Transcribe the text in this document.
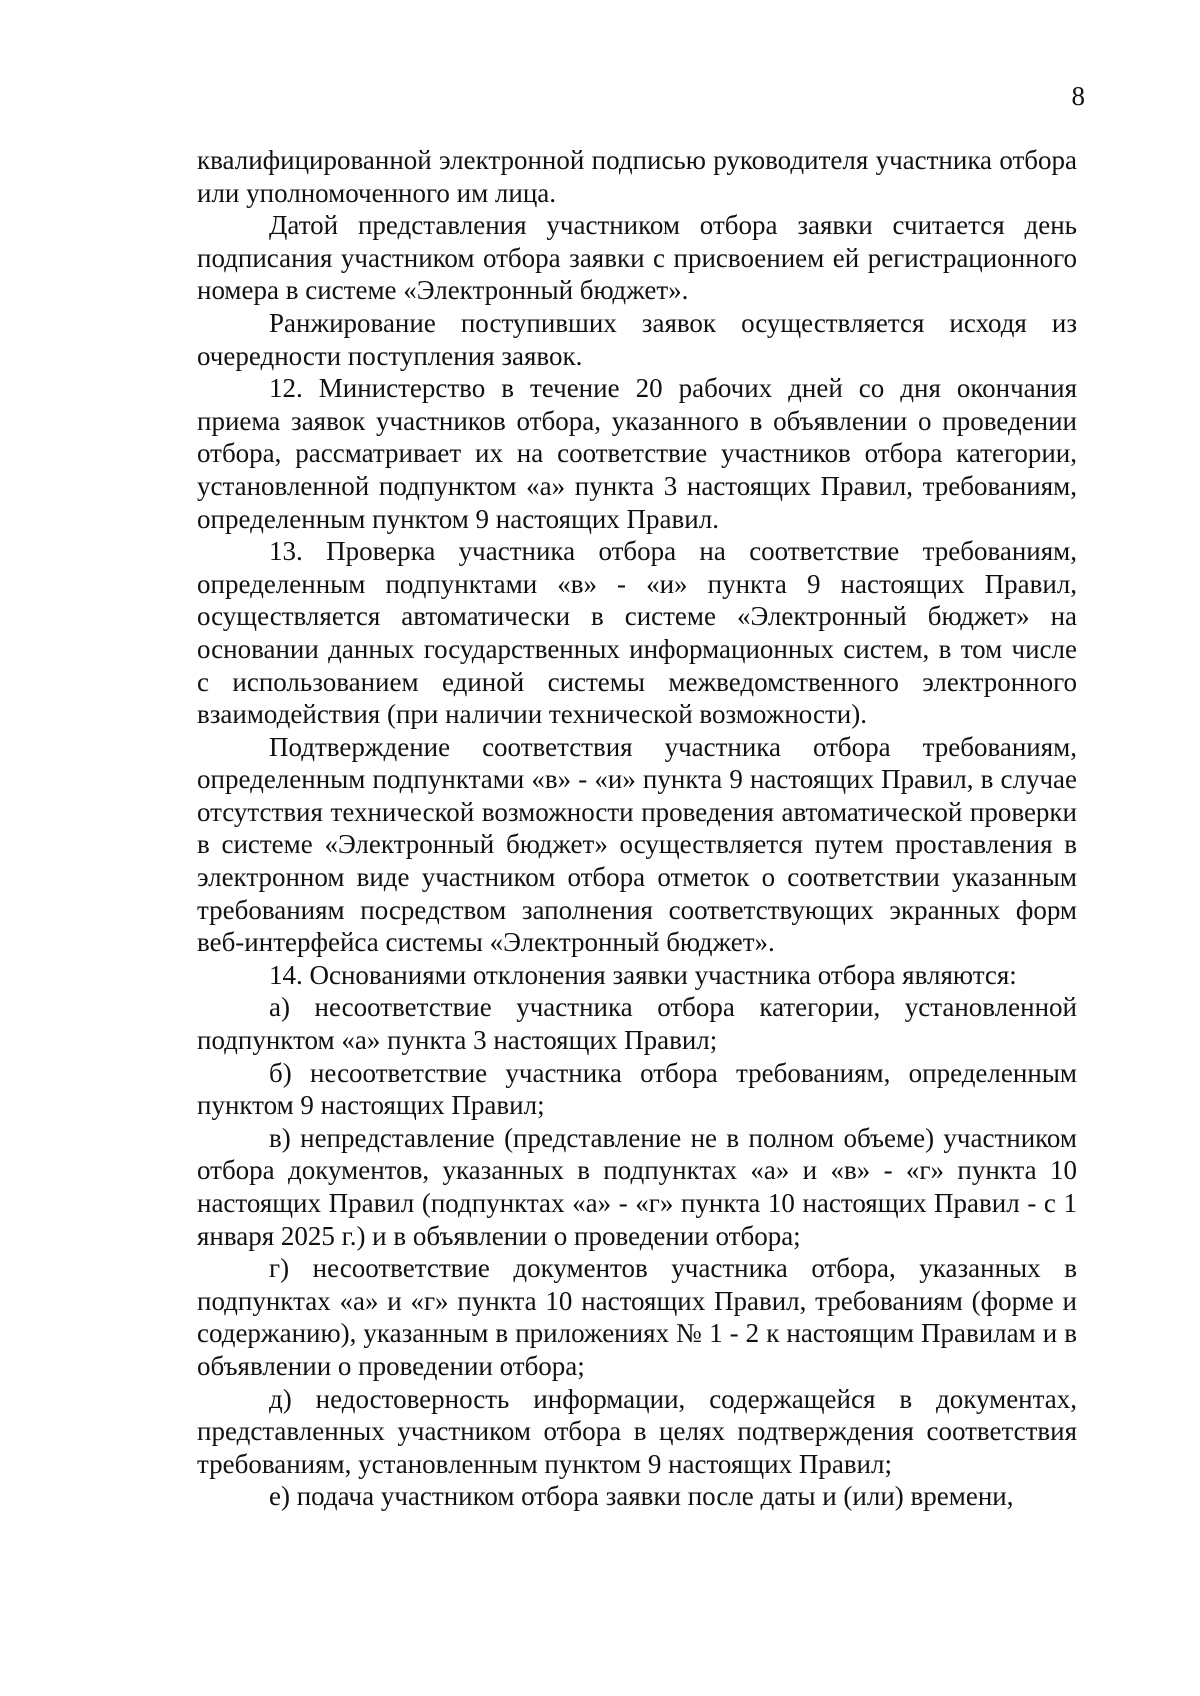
8

квалифицированной электронной подписью руководителя участника отбора или уполномоченного им лица.

Датой представления участником отбора заявки считается день подписания участником отбора заявки с присвоением ей регистрационного номера в системе «Электронный бюджет».

Ранжирование поступивших заявок осуществляется исходя из очередности поступления заявок.

12. Министерство в течение 20 рабочих дней со дня окончания приема заявок участников отбора, указанного в объявлении о проведении отбора, рассматривает их на соответствие участников отбора категории, установленной подпунктом «а» пункта 3 настоящих Правил, требованиям, определенным пунктом 9 настоящих Правил.

13. Проверка участника отбора на соответствие требованиям, определенным подпунктами «в» - «и» пункта 9 настоящих Правил, осуществляется автоматически в системе «Электронный бюджет» на основании данных государственных информационных систем, в том числе с использованием единой системы межведомственного электронного взаимодействия (при наличии технической возможности).

Подтверждение соответствия участника отбора требованиям, определенным подпунктами «в» - «и» пункта 9 настоящих Правил, в случае отсутствия технической возможности проведения автоматической проверки в системе «Электронный бюджет» осуществляется путем проставления в электронном виде участником отбора отметок о соответствии указанным требованиям посредством заполнения соответствующих экранных форм веб-интерфейса системы «Электронный бюджет».

14. Основаниями отклонения заявки участника отбора являются:

а) несоответствие участника отбора категории, установленной подпунктом «а» пункта 3 настоящих Правил;

б) несоответствие участника отбора требованиям, определенным пунктом 9 настоящих Правил;

в) непредставление (представление не в полном объеме) участником отбора документов, указанных в подпунктах «а» и «в» - «г» пункта 10 настоящих Правил (подпунктах «а» - «г» пункта 10 настоящих Правил - с 1 января 2025 г.) и в объявлении о проведении отбора;

г) несоответствие документов участника отбора, указанных в подпунктах «а» и «г» пункта 10 настоящих Правил, требованиям (форме и содержанию), указанным в приложениях № 1 - 2 к настоящим Правилам и в объявлении о проведении отбора;

д) недостоверность информации, содержащейся в документах, представленных участником отбора в целях подтверждения соответствия требованиям, установленным пунктом 9 настоящих Правил;

е) подача участником отбора заявки после даты и (или) времени,
